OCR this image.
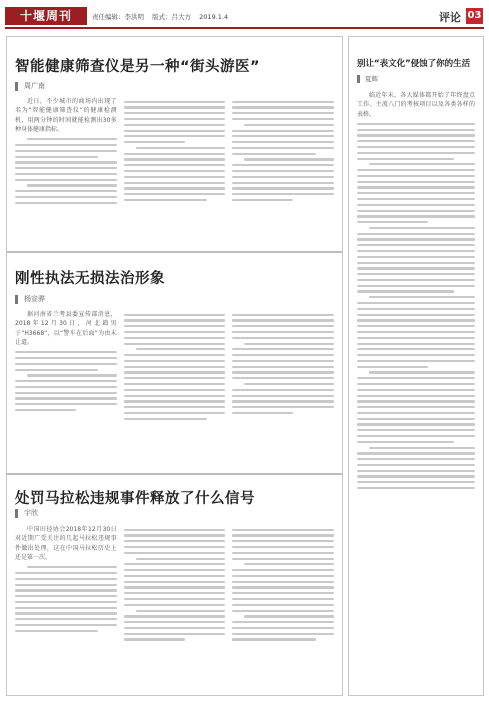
十堰周刊	责任编辑：李洪明 版式：吕大方 2019.1.4	评论 03
智能健康筛查仪是另一种“街头游医”
周广南

近日，不少城市的商场内出现了名为“智能健康筛查仪”的健康检测机，用两分钟的时间就能检测出30多种身体健康指标。

刚性执法无损法治形象
杨宣骅

据河南省兰考县委宣传部消息，2018年12月30日，河北籍男子“H3668”，以“警车在后面”为由未让道。

处罚马拉松违规事件释放了什么信号
宇欣

中国田径协会2018年12月30日对近期广受关注的几起马拉松违规事件做出处理，这在中国马拉松历史上还是第一次。

别让“表文化”侵蚀了你的生活
夏辉

临近年末，各大媒体都开始了年终盘点工作。主流八门的考核项目以及各类各样的表格。
